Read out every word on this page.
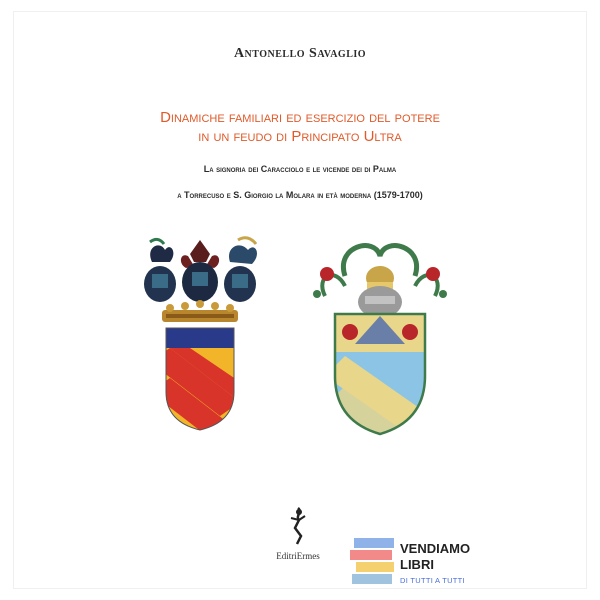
Antonello Savaglio
Dinamiche familiari ed esercizio del potere
in un feudo di Principato Ultra
La signoria dei Caracciolo e le vicende dei di Palma
a Torrecuso e S. Giorgio la Molara in età moderna (1579-1700)
EditriErmes	VENDIAMO
LIBRI
DI TUTTI A TUTTI
